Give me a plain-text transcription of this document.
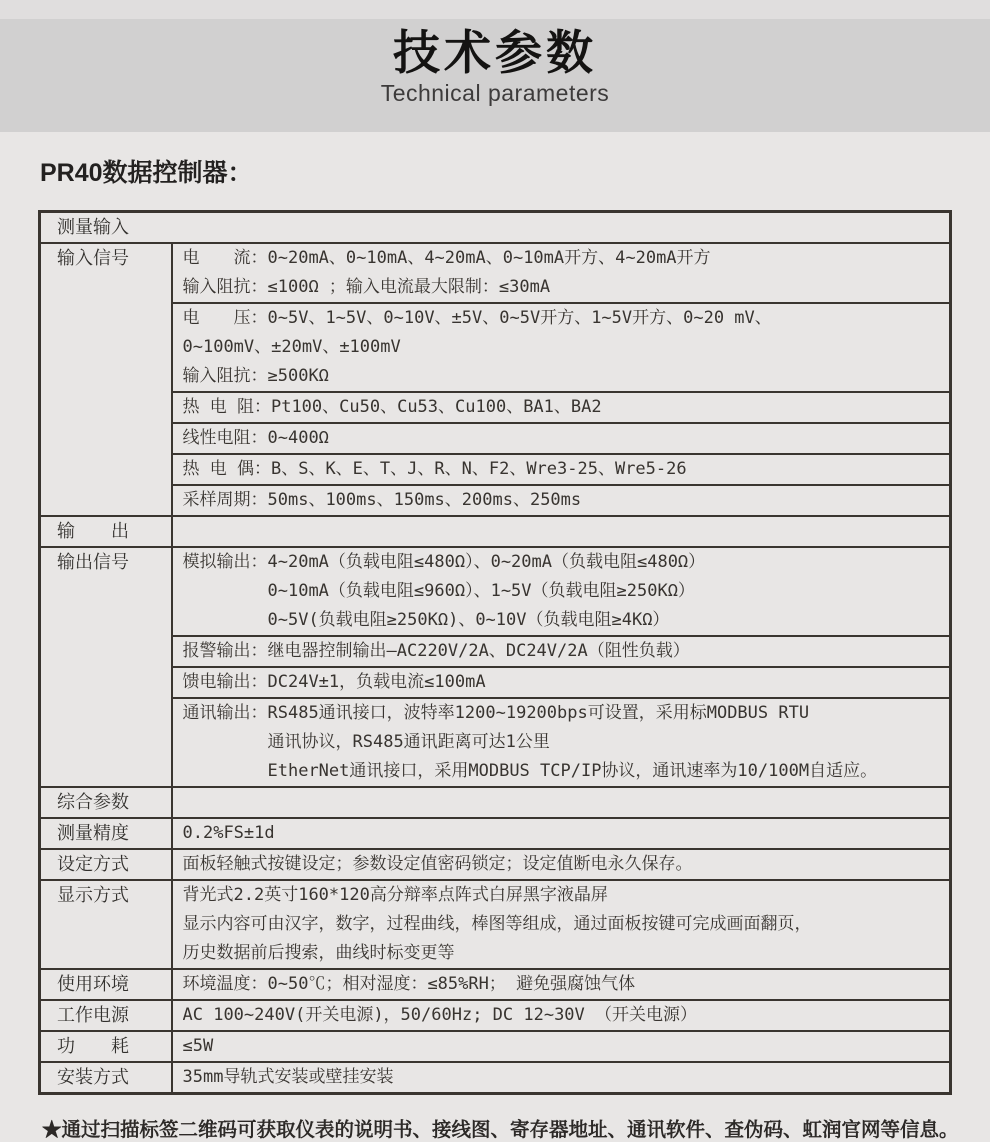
技术参数
Technical parameters
PR40数据控制器：
测量输入	
输入信号	电　　流：0~20mA、0~10mA、4~20mA、0~10mA开方、4~20mA开方
输入阻抗：≤100Ω ；输入电流最大限制：≤30mA

	电　　压：0~5V、1~5V、0~10V、±5V、0~5V开方、1~5V开方、0~20 mV、
0~100mV、±20mV、±100mV
输入阻抗：≥500KΩ

	热 电 阻：Pt100、Cu50、Cu53、Cu100、BA1、BA2

	线性电阻：0~400Ω

	热 电 偶：B、S、K、E、T、J、R、N、F2、Wre3-25、Wre5-26

	采样周期：50ms、100ms、150ms、200ms、250ms

输　　出	
输出信号	模拟输出：4~20mA（负载电阻≤480Ω）、0~20mA（负载电阻≤480Ω）
0~10mA（负载电阻≤960Ω）、1~5V（负载电阻≥250KΩ）
0~5V(负载电阻≥250KΩ)、0~10V（负载电阻≥4KΩ）

	报警输出：继电器控制输出—AC220V/2A、DC24V/2A（阻性负载）

	馈电输出：DC24V±1，负载电流≤100mA

	通讯输出：RS485通讯接口，波特率1200~19200bps可设置，采用标MODBUS RTU
通讯协议，RS485通讯距离可达1公里
EtherNet通讯接口，采用MODBUS TCP/IP协议，通讯速率为10/100M自适应。

综合参数	
测量精度	0.2%FS±1d

设定方式	面板轻触式按键设定；参数设定值密码锁定；设定值断电永久保存。

显示方式	背光式2.2英寸160*120高分辩率点阵式白屏黑字液晶屏
显示内容可由汉字，数字，过程曲线，棒图等组成，通过面板按键可完成画面翻页，
历史数据前后搜索，曲线时标变更等

使用环境	环境温度：0~50℃；相对湿度：≤85%RH； 避免强腐蚀气体

工作电源	AC 100~240V(开关电源)，50/60Hz; DC 12~30V （开关电源）

功　　耗	≤5W

安装方式	35mm导轨式安装或壁挂安装
★通过扫描标签二维码可获取仪表的说明书、接线图、寄存器地址、通讯软件、查伪码、虹润官网等信息。
